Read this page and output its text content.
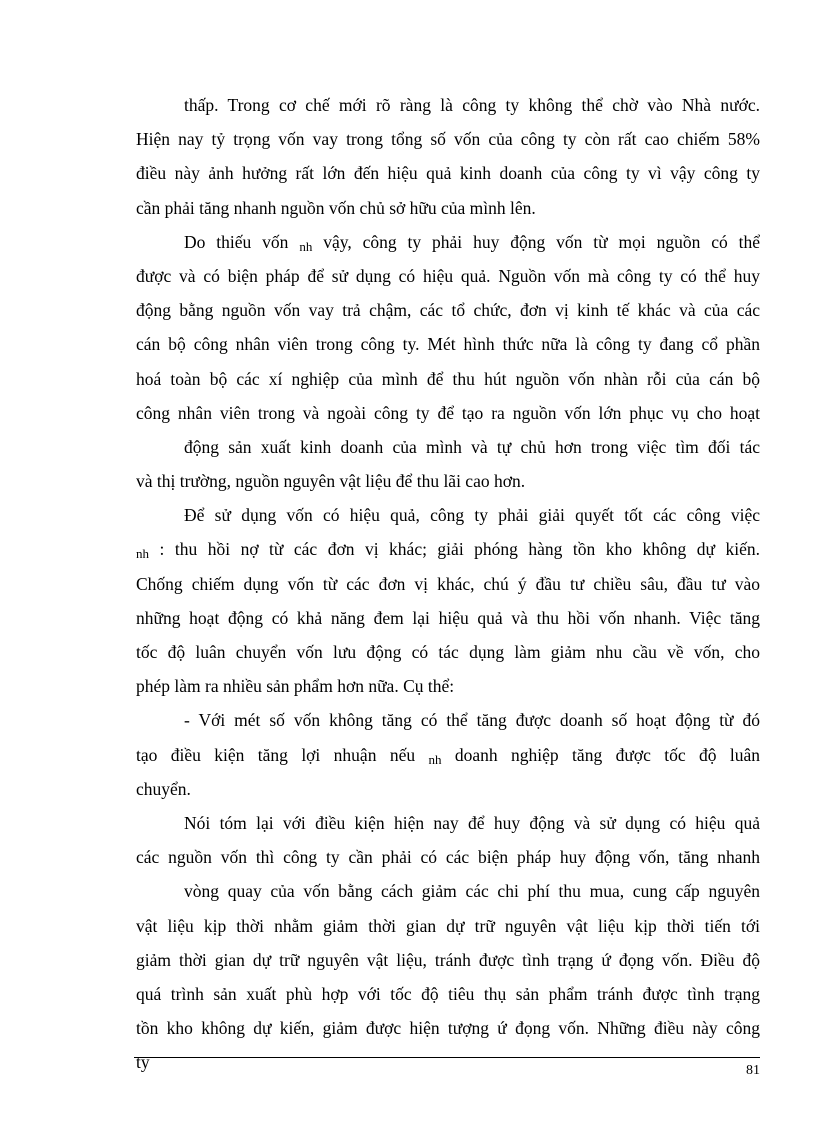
thấp. Trong cơ chế mới rõ ràng là công ty không thể chờ vào Nhà nước.
Hiện nay tỷ trọng vốn vay trong tổng số vốn của công ty còn rất cao chiếm 58%
điều này ảnh hưởng rất lớn đến hiệu quả kinh doanh của công ty vì vậy công ty
cần phải tăng nhanh nguồn vốn chủ sở hữu của mình lên.
Do thiếu vốn $_{nh}$ vậy, công ty phải huy động vốn từ mọi nguồn có thể
được và có biện pháp để sử dụng có hiệu quả. Nguồn vốn mà công ty có thể huy
động bằng nguồn vốn vay trả chậm, các tổ chức, đơn vị kinh tế khác và của các
cán bộ công nhân viên trong công ty. Mét hình thức nữa là công ty đang cổ phần
hoá toàn bộ các xí nghiệp của mình để thu hút nguồn vốn nhàn rỗi của cán bộ
công nhân viên trong và ngoài công ty để tạo ra nguồn vốn lớn phục vụ cho hoạt
động sản xuất kinh doanh của mình và tự chủ hơn trong việc tìm đối tác
và thị trường, nguồn nguyên vật liệu để thu lãi cao hơn.
Để sử dụng vốn có hiệu quả, công ty phải giải quyết tốt các công việc
$_{nh}$ : thu hồi nợ từ các đơn vị khác; giải phóng hàng tồn kho không dự kiến.
Chống chiếm dụng vốn từ các đơn vị khác, chú ý đầu tư chiều sâu, đầu tư vào
những hoạt động có khả năng đem lại hiệu quả và thu hồi vốn nhanh. Việc tăng
tốc độ luân chuyển vốn lưu động có tác dụng làm giảm nhu cầu về vốn, cho
phép làm ra nhiều sản phẩm hơn nữa. Cụ thể:
- Với mét số vốn không tăng có thể tăng được doanh số hoạt động từ đó
tạo điều kiện tăng lợi nhuận nếu $_{nh}$ doanh nghiệp tăng được tốc độ luân
chuyển.
Nói tóm lại với điều kiện hiện nay để huy động và sử dụng có hiệu quả
các nguồn vốn thì công ty cần phải có các biện pháp huy động vốn, tăng nhanh
vòng quay của vốn bằng cách giảm các chi phí thu mua, cung cấp nguyên
vật liệu kịp thời nhằm giảm thời gian dự trữ nguyên vật liệu kịp thời tiến tới
giảm thời gian dự trữ nguyên vật liệu, tránh được tình trạng ứ đọng vốn. Điều độ
quá trình sản xuất phù hợp với tốc độ tiêu thụ sản phẩm tránh được tình trạng
tồn kho không dự kiến, giảm được hiện tượng ứ đọng vốn. Những điều này công
ty	81
